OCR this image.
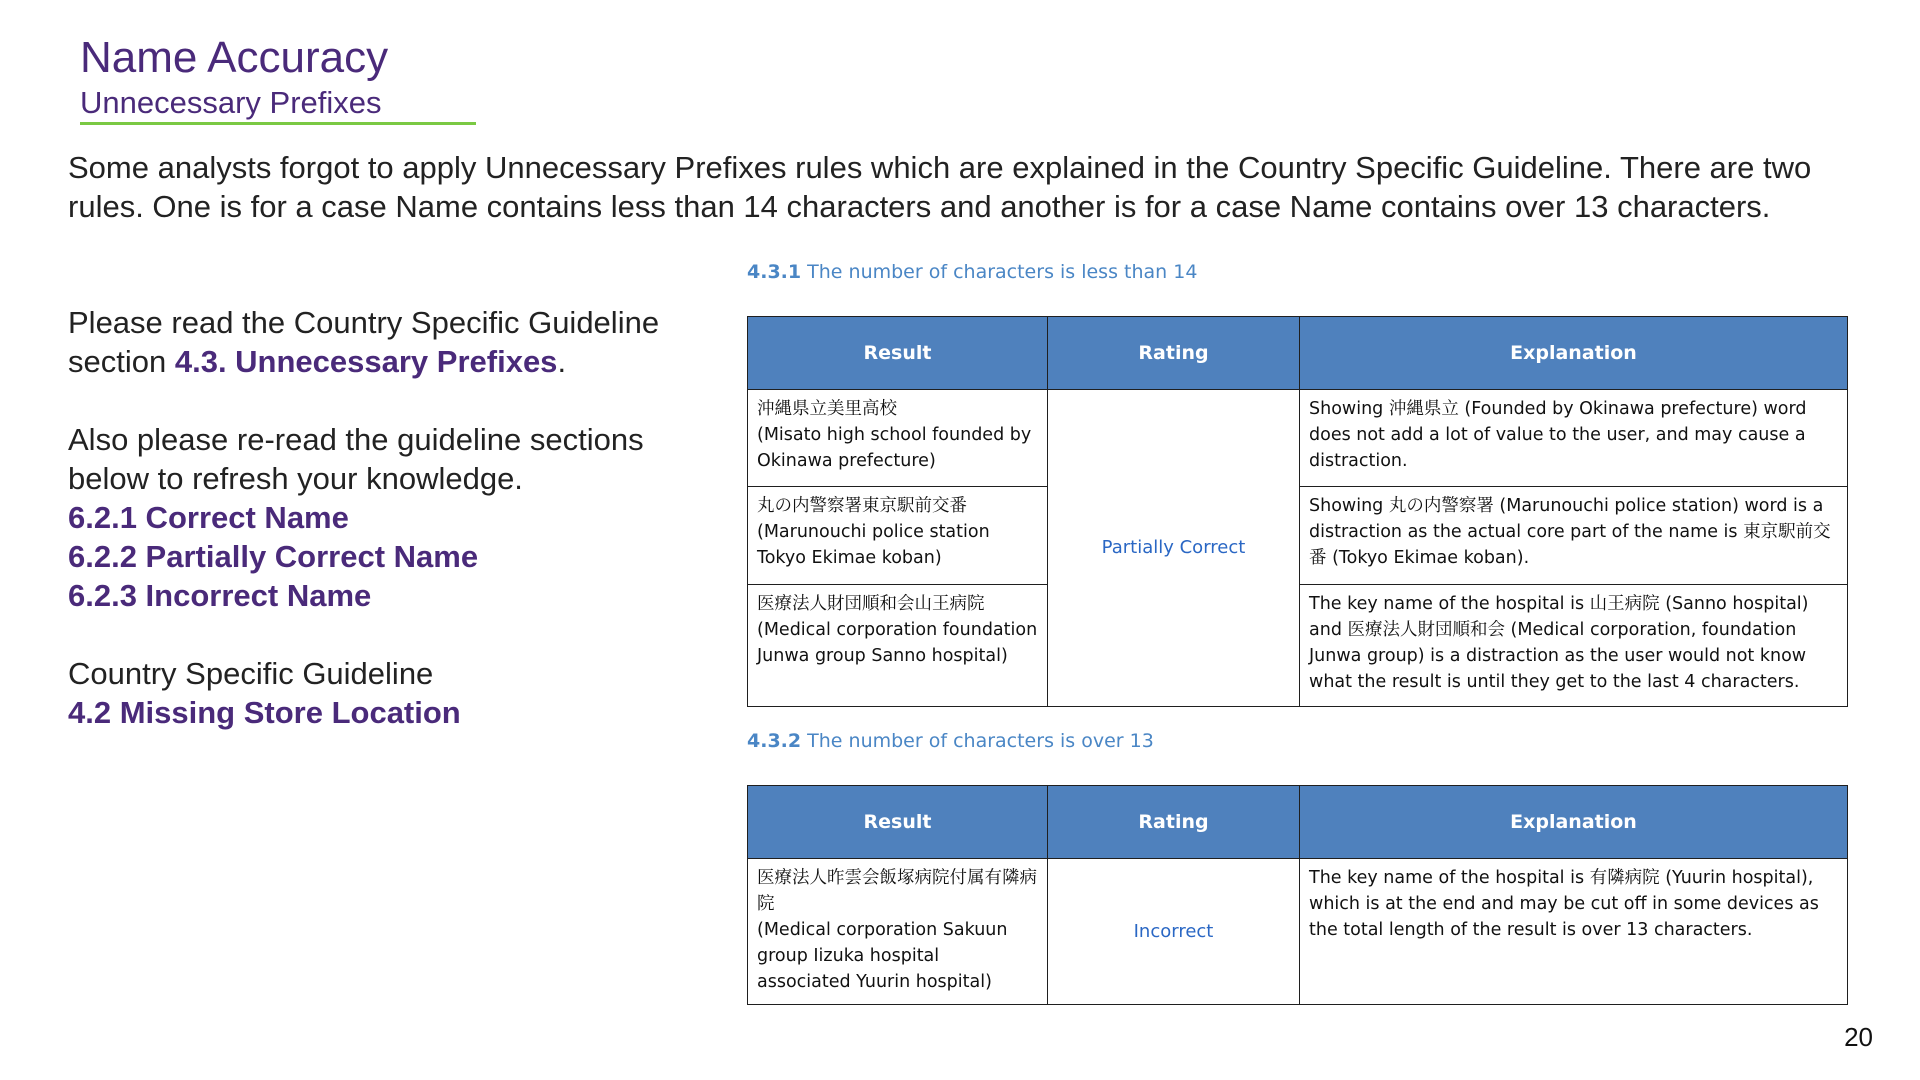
Name Accuracy
Unnecessary Prefixes
Some analysts forgot to apply Unnecessary Prefixes rules which are explained in the Country Specific Guideline. There are two rules. One is for a case Name contains less than 14 characters and another is for a case Name contains over 13 characters.
Please read the Country Specific Guideline section 4.3. Unnecessary Prefixes.
Also please re-read the guideline sections below to refresh your knowledge.
6.2.1 Correct Name
6.2.2 Partially Correct Name
6.2.3 Incorrect Name
Country Specific Guideline
4.2 Missing Store Location
4.3.1 The number of characters is less than 14
Result	Rating	Explanation

沖縄県立美里高校
(Misato high school founded by Okinawa prefecture)	Partially Correct	Showing 沖縄県立 (Founded by Okinawa prefecture) word does not add a lot of value to the user, and may cause a distraction.

丸の内警察署東京駅前交番
(Marunouchi police station Tokyo Ekimae koban)		Showing 丸の内警察署 (Marunouchi police station) word is a distraction as the actual core part of the name is 東京駅前交番 (Tokyo Ekimae koban).

医療法人財団順和会山王病院
(Medical corporation foundation Junwa group Sanno hospital)		The key name of the hospital is 山王病院 (Sanno hospital) and 医療法人財団順和会 (Medical corporation, foundation Junwa group) is a distraction as the user would not know what the result is until they get to the last 4 characters.
4.3.2 The number of characters is over 13
Result	Rating	Explanation

医療法人昨雲会飯塚病院付属有隣病院
(Medical corporation Sakuun group Iizuka hospital associated Yuurin hospital)	Incorrect	The key name of the hospital is 有隣病院 (Yuurin hospital), which is at the end and may be cut off in some devices as the total length of the result is over 13 characters.
20
